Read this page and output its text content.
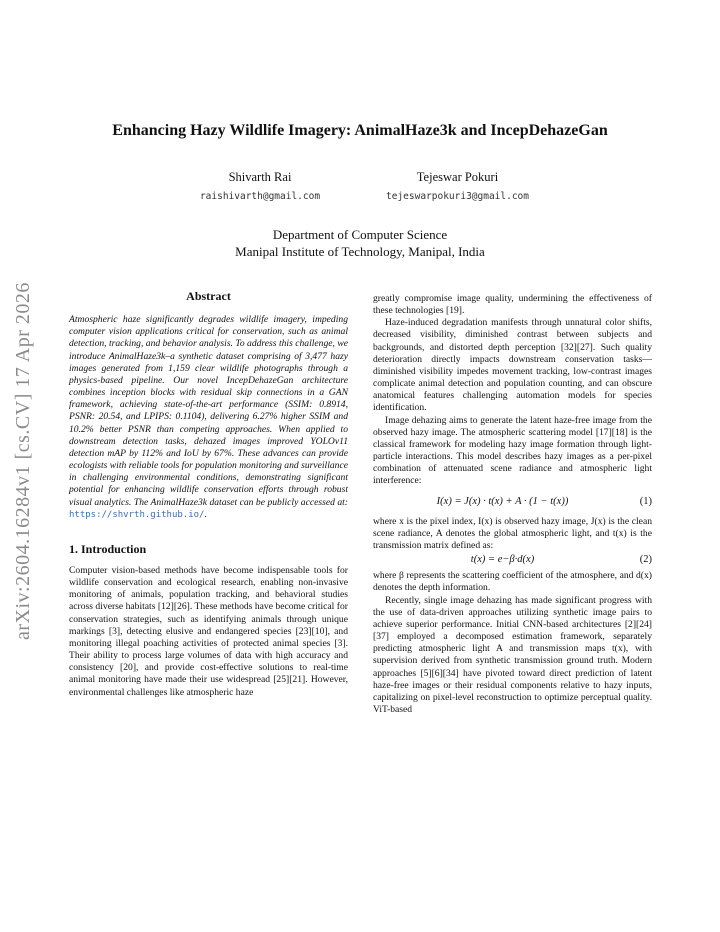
arXiv:2604.16284v1 [cs.CV] 17 Apr 2026
Enhancing Hazy Wildlife Imagery: AnimalHaze3k and IncepDehazeGan
Shivarth Rai
raishivarth@gmail.com
Tejeswar Pokuri
tejeswarpokuri3@gmail.com
Department of Computer Science
Manipal Institute of Technology, Manipal, India
Abstract

Atmospheric haze significantly degrades wildlife imagery, impeding computer vision applications critical for conservation, such as animal detection, tracking, and behavior analysis. To address this challenge, we introduce AnimalHaze3k–a synthetic dataset comprising of 3,477 hazy images generated from 1,159 clear wildlife photographs through a physics-based pipeline. Our novel IncepDehazeGan architecture combines inception blocks with residual skip connections in a GAN framework, achieving state-of-the-art performance (SSIM: 0.8914, PSNR: 20.54, and LPIPS: 0.1104), delivering 6.27% higher SSIM and 10.2% better PSNR than competing approaches. When applied to downstream detection tasks, dehazed images improved YOLOv11 detection mAP by 112% and IoU by 67%. These advances can provide ecologists with reliable tools for population monitoring and surveillance in challenging environmental conditions, demonstrating significant potential for enhancing wildlife conservation efforts through robust visual analytics. The AnimalHaze3k dataset can be publicly accessed at: https://shvrth.github.io/.

1. Introduction

Computer vision-based methods have become indispensable tools for wildlife conservation and ecological research, enabling non-invasive monitoring of animals, population tracking, and behavioral studies across diverse habitats [12][26]. These methods have become critical for conservation strategies, such as identifying animals through unique markings [3], detecting elusive and endangered species [23][10], and monitoring illegal poaching activities of protected animal species [3]. Their ability to process large volumes of data with high accuracy and consistency [20], and provide cost-effective solutions to real-time animal monitoring have made their use widespread [25][21]. However, environmental challenges like atmospheric haze

greatly compromise image quality, undermining the effectiveness of these technologies [19].

Haze-induced degradation manifests through unnatural color shifts, decreased visibility, diminished contrast between subjects and backgrounds, and distorted depth perception [32][27]. Such quality deterioration directly impacts downstream conservation tasks—diminished visibility impedes movement tracking, low-contrast images complicate animal detection and population counting, and can obscure anatomical features challenging automation models for species identification.

Image dehazing aims to generate the latent haze-free image from the observed hazy image. The atmospheric scattering model [17][18] is the classical framework for modeling hazy image formation through light-particle interactions. This model describes hazy images as a per-pixel combination of attenuated scene radiance and atmospheric light interference:

I(x) = J(x) · t(x) + A · (1 − t(x))	(1)

where x is the pixel index, I(x) is observed hazy image, J(x) is the clean scene radiance, A denotes the global atmospheric light, and t(x) is the transmission matrix defined as:

t(x) = e−β·d(x)	(2)

where β represents the scattering coefficient of the atmosphere, and d(x) denotes the depth information.

Recently, single image dehazing has made significant progress with the use of data-driven approaches utilizing synthetic image pairs to achieve superior performance. Initial CNN-based architectures [2][24][37] employed a decomposed estimation framework, separately predicting atmospheric light A and transmission maps t(x), with supervision derived from synthetic transmission ground truth. Modern approaches [5][6][34] have pivoted toward direct prediction of latent haze-free images or their residual components relative to hazy inputs, capitalizing on pixel-level reconstruction to optimize perceptual quality. ViT-based
